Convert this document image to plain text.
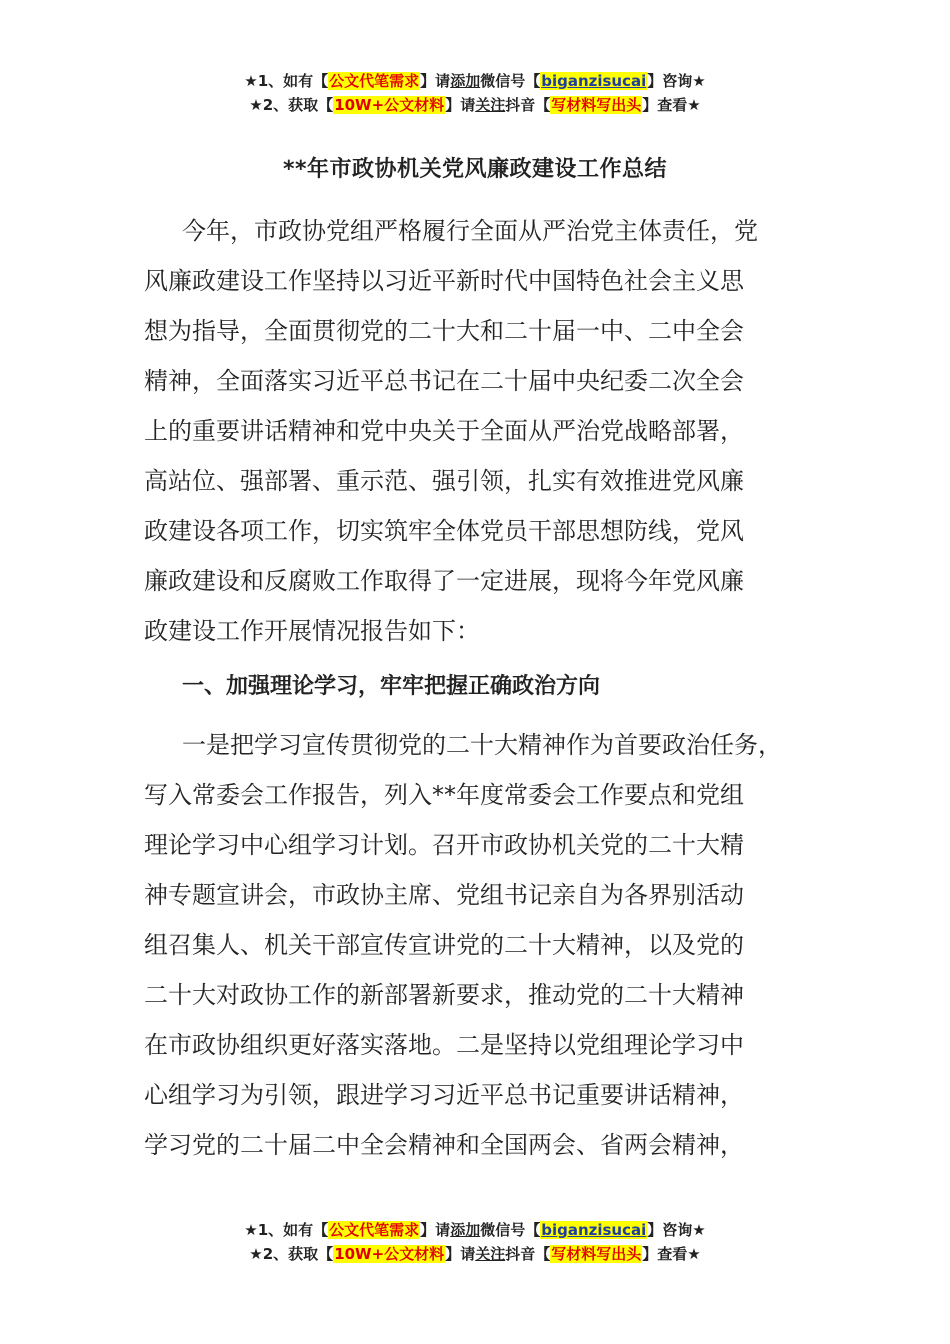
★1、如有【公文代笔需求】请添加微信号【biganzisucai】咨询★
★2、获取【10W+公文材料】请关注抖音【写材料写出头】查看★
**年市政协机关党风廉政建设工作总结
今年，市政协党组严格履行全面从严治党主体责任，党
风廉政建设工作坚持以习近平新时代中国特色社会主义思
想为指导，全面贯彻党的二十大和二十届一中、二中全会
精神，全面落实习近平总书记在二十届中央纪委二次全会
上的重要讲话精神和党中央关于全面从严治党战略部署，
高站位、强部署、重示范、强引领，扎实有效推进党风廉
政建设各项工作，切实筑牢全体党员干部思想防线，党风
廉政建设和反腐败工作取得了一定进展，现将今年党风廉
政建设工作开展情况报告如下：
一、加强理论学习，牢牢把握正确政治方向
一是把学习宣传贯彻党的二十大精神作为首要政治任务，
写入常委会工作报告，列入**年度常委会工作要点和党组
理论学习中心组学习计划。召开市政协机关党的二十大精
神专题宣讲会，市政协主席、党组书记亲自为各界别活动
组召集人、机关干部宣传宣讲党的二十大精神，以及党的
二十大对政协工作的新部署新要求，推动党的二十大精神
在市政协组织更好落实落地。二是坚持以党组理论学习中
心组学习为引领，跟进学习习近平总书记重要讲话精神，
学习党的二十届二中全会精神和全国两会、省两会精神，
★1、如有【公文代笔需求】请添加微信号【biganzisucai】咨询★
★2、获取【10W+公文材料】请关注抖音【写材料写出头】查看★
